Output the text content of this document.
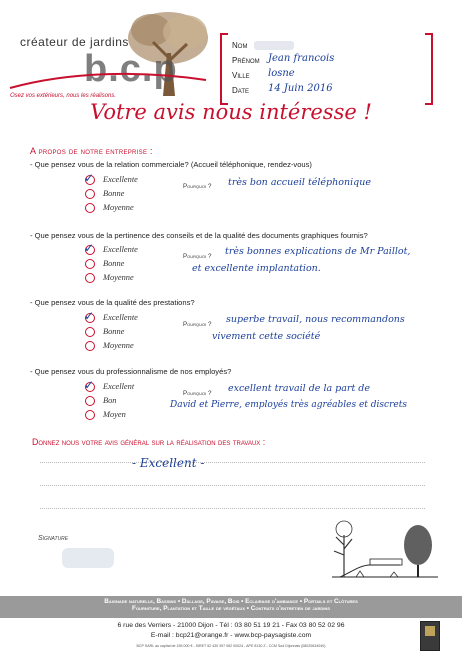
créateur de jardins
b.c.p
Osez vos extérieurs, nous les réalisons.
Nom
Prénom Jean francois
Ville losne
Date 14 Juin 2016
Votre avis nous intéresse !
A propos de notre entreprise :
- Que pensez vous de la relation commerciale? (Accueil téléphonique, rendez-vous)
✓ Excellente
Bonne
Moyenne
Pourquoi ? très bon accueil téléphonique
- Que pensez vous de la pertinence des conseils et de la qualité des documents graphiques fournis?
✓ Excellente
Bonne
Moyenne
Pourquoi ? très bonnes explications de Mr Paillot,
et excellente implantation.
- Que pensez vous de la qualité des prestations?
✓ Excellente
Bonne
Moyenne
Pourquoi ? superbe travail, nous recommandons
vivement cette société
- Que pensez vous du professionnalisme de nos employés?
✓ Excellent
Bon
Moyen
Pourquoi ? excellent travail de la part de
David et Pierre, employés très agréables et discrets
Donnez nous votre avis général sur la réalisation des travaux :
- Excellent -
Signature
Baignade naturelle, Bassins • Dallage, Pavage, Bois • Eclairage d'ambiance • Portails et Clôtures
Fourniture, Plantation et Taille de végétaux • Contrats d'entretien de jardins
6 rue des Verriers - 21000 Dijon - Tél : 03 80 51 19 21 - Fax 03 80 52 02 96
E-mail : bcp21@orange.fr - www.bcp-paysagiste.com
BCP SARL au capital de 155 000 € - SIRET 52 430 397 062 00024 - APE 8130 Z - CCM Sud Dijonnais (08020634040)
